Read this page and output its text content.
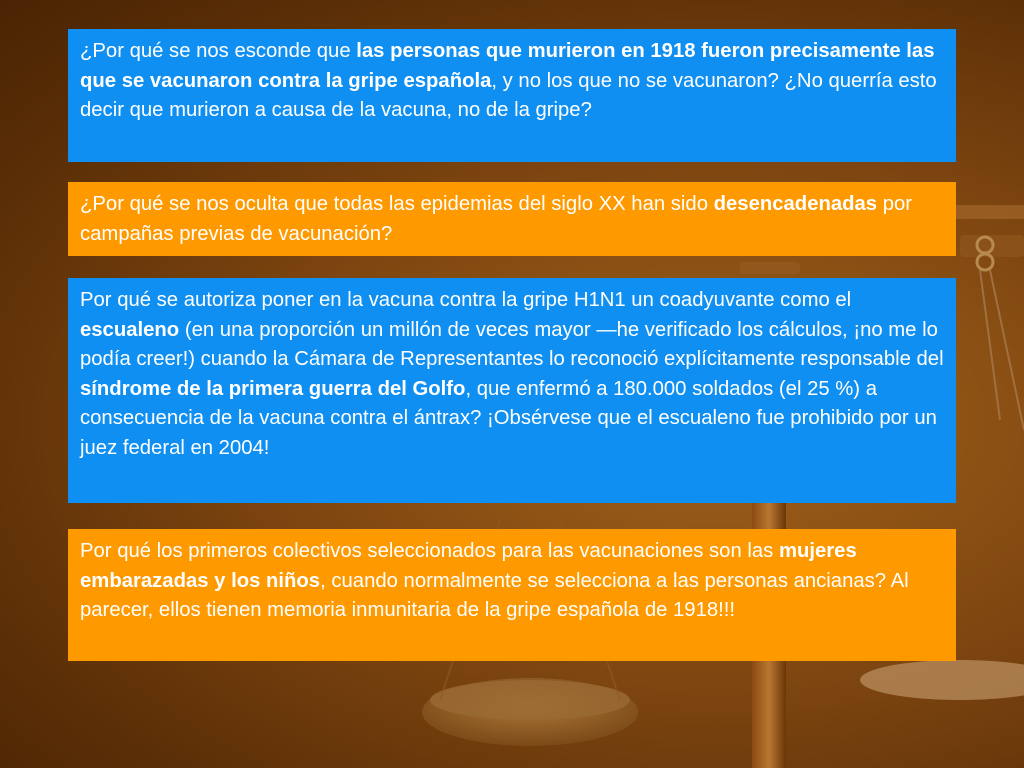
¿Por qué se nos esconde que las personas que murieron en 1918 fueron precisamente las que se vacunaron contra la gripe española, y no los que no se vacunaron? ¿No querría esto decir que murieron a causa de la vacuna, no de la gripe?
¿Por qué se nos oculta que todas las epidemias del siglo XX han sido desencadenadas por campañas previas de vacunación?
Por qué se autoriza poner en la vacuna contra la gripe H1N1 un coadyuvante como el escualeno (en una proporción un millón de veces mayor —he verificado los cálculos, ¡no me lo podía creer!) cuando la Cámara de Representantes lo reconoció explícitamente responsable del síndrome de la primera guerra del Golfo, que enfermó a 180.000 soldados (el 25 %) a consecuencia de la vacuna contra el ántrax? ¡Obsérvese que el escualeno fue prohibido por un juez federal en 2004!
Por qué los primeros colectivos seleccionados para las vacunaciones son las mujeres embarazadas y los niños, cuando normalmente se selecciona a las personas ancianas? Al parecer, ellos tienen memoria inmunitaria de la gripe española de 1918!!!
